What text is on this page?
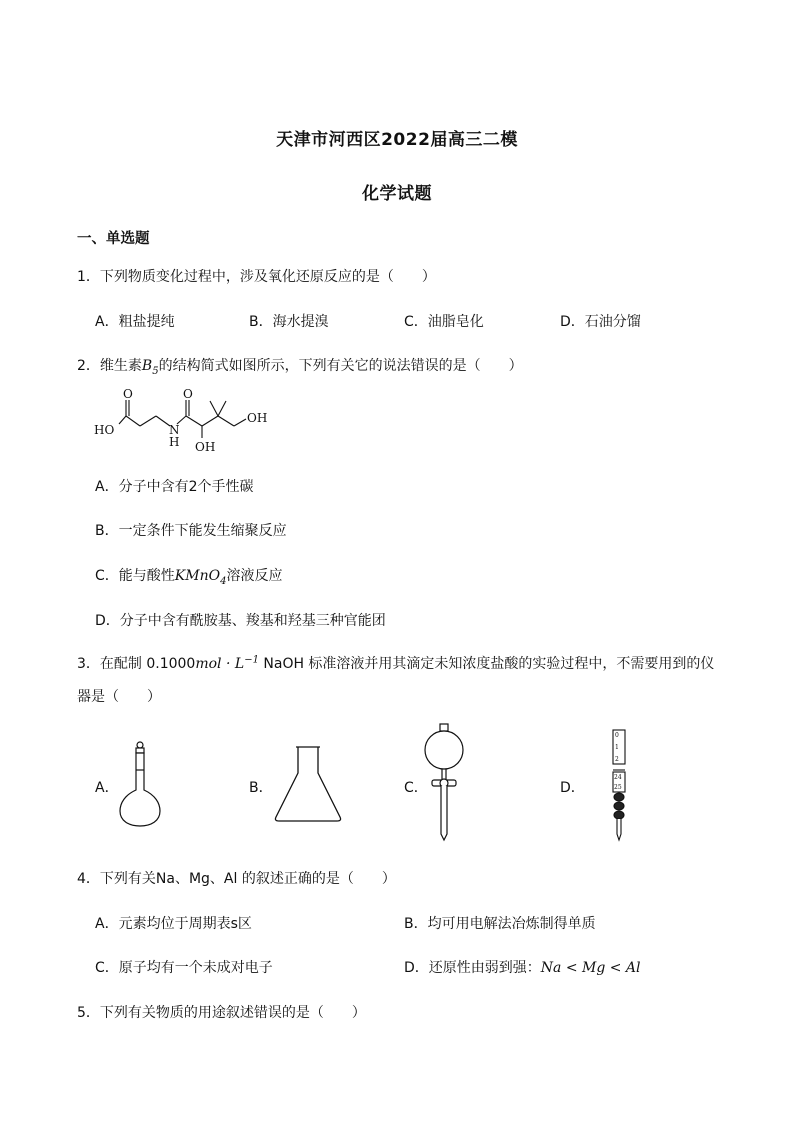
天津市河西区2022届高三二模
化学试题
一、单选题
1．下列物质变化过程中，涉及氧化还原反应的是（　　）
A．粗盐提纯	B．海水提溴	C．油脂皂化	D．石油分馏
2．维生素$B_5$的结构简式如图所示，下列有关它的说法错误的是（　　）
O
HO
O
N
H OH
OH
A．分子中含有2个手性碳
B．一定条件下能发生缩聚反应
C．能与酸性KMnO$_4$溶液反应
D．分子中含有酰胺基、羧基和羟基三种官能团
3．在配制 $0.1000mol \cdot L^{-1}$ NaOH 标准溶液并用其滴定未知浓度盐酸的实验过程中，不需要用到的仪
器是（　　）
A．	B．	C．	D．
0
1
2
24
25
4．下列有关Na、Mg、Al 的叙述正确的是（　　）
A．元素均位于周期表s区	B．均可用电解法冶炼制得单质
C．原子均有一个未成对电子	D．还原性由弱到强：Na < Mg < Al
5．下列有关物质的用途叙述错误的是（　　）
